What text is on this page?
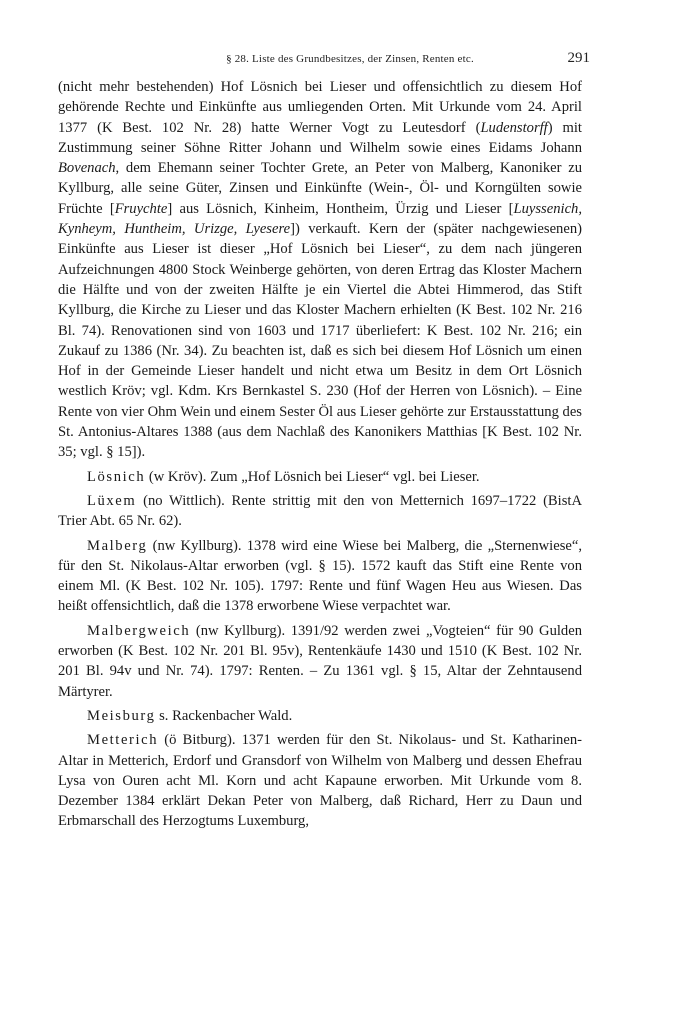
§ 28. Liste des Grundbesitzes, der Zinsen, Renten etc.	291

(nicht mehr bestehenden) Hof Lösnich bei Lieser und offensichtlich zu diesem Hof gehörende Rechte und Einkünfte aus umliegenden Orten. Mit Urkunde vom 24. April 1377 (K Best. 102 Nr. 28) hatte Werner Vogt zu Leutesdorf (Ludenstorff) mit Zustimmung seiner Söhne Ritter Johann und Wilhelm sowie eines Eidams Johann Bovenach, dem Ehemann seiner Tochter Grete, an Peter von Malberg, Kanoniker zu Kyllburg, alle seine Güter, Zinsen und Einkünfte (Wein-, Öl- und Korngülten sowie Früchte [Fruychte] aus Lösnich, Kinheim, Hontheim, Ürzig und Lieser [Luyssenich, Kynheym, Huntheim, Urizge, Lyesere]) verkauft. Kern der (später nachgewiesenen) Einkünfte aus Lieser ist dieser „Hof Lösnich bei Lieser“, zu dem nach jüngeren Aufzeichnungen 4800 Stock Weinberge gehörten, von deren Ertrag das Kloster Machern die Hälfte und von der zweiten Hälfte je ein Viertel die Abtei Himmerod, das Stift Kyllburg, die Kirche zu Lieser und das Kloster Machern erhielten (K Best. 102 Nr. 216 Bl. 74). Renovationen sind von 1603 und 1717 überliefert: K Best. 102 Nr. 216; ein Zukauf zu 1386 (Nr. 34). Zu beachten ist, daß es sich bei diesem Hof Lösnich um einen Hof in der Gemeinde Lieser handelt und nicht etwa um Besitz in dem Ort Lösnich westlich Kröv; vgl. Kdm. Krs Bernkastel S. 230 (Hof der Herren von Lösnich). – Eine Rente von vier Ohm Wein und einem Sester Öl aus Lieser gehörte zur Erstausstattung des St. Antonius-Altares 1388 (aus dem Nachlaß des Kanonikers Matthias [K Best. 102 Nr. 35; vgl. § 15]).

Lösnich (w Kröv). Zum „Hof Lösnich bei Lieser“ vgl. bei Lieser.

Lüxem (no Wittlich). Rente strittig mit den von Metternich 1697–1722 (BistA Trier Abt. 65 Nr. 62).

Malberg (nw Kyllburg). 1378 wird eine Wiese bei Malberg, die „Sternenwiese“, für den St. Nikolaus-Altar erworben (vgl. § 15). 1572 kauft das Stift eine Rente von einem Ml. (K Best. 102 Nr. 105). 1797: Rente und fünf Wagen Heu aus Wiesen. Das heißt offensichtlich, daß die 1378 erworbene Wiese verpachtet war.

Malbergweich (nw Kyllburg). 1391/92 werden zwei „Vogteien“ für 90 Gulden erworben (K Best. 102 Nr. 201 Bl. 95v), Rentenkäufe 1430 und 1510 (K Best. 102 Nr. 201 Bl. 94v und Nr. 74). 1797: Renten. – Zu 1361 vgl. § 15, Altar der Zehntausend Märtyrer.

Meisburg s. Rackenbacher Wald.

Metterich (ö Bitburg). 1371 werden für den St. Nikolaus- und St. Katharinen-Altar in Metterich, Erdorf und Gransdorf von Wilhelm von Malberg und dessen Ehefrau Lysa von Ouren acht Ml. Korn und acht Kapaune erworben. Mit Urkunde vom 8. Dezember 1384 erklärt Dekan Peter von Malberg, daß Richard, Herr zu Daun und Erbmarschall des Herzogtums Luxemburg,
